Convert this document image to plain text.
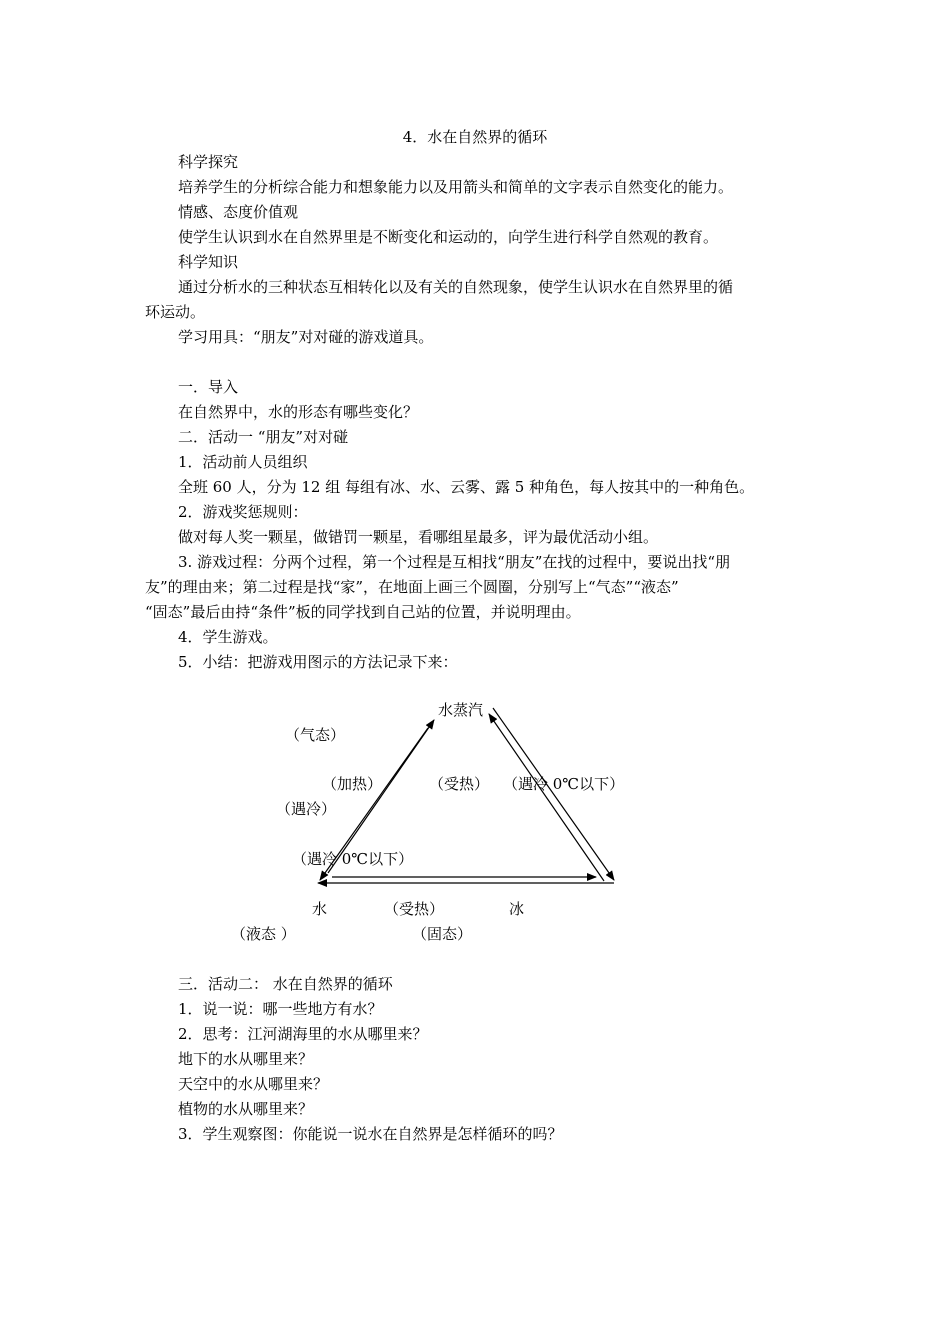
4．水在自然界的循环
科学探究
培养学生的分析综合能力和想象能力以及用箭头和简单的文字表示自然变化的能力。
情感、态度价值观
使学生认识到水在自然界里是不断变化和运动的，向学生进行科学自然观的教育。
科学知识
通过分析水的三种状态互相转化以及有关的自然现象，使学生认识水在自然界里的循
环运动。
学习用具：“朋友”对对碰的游戏道具。
一．导入
在自然界中，水的形态有哪些变化？
二．活动一 “朋友”对对碰
1．活动前人员组织
全班 60 人，分为 12 组 每组有冰、水、云雾、露 5 种角色，每人按其中的一种角色。
2．游戏奖惩规则：
做对每人奖一颗星，做错罚一颗星，看哪组星最多，评为最优活动小组。
3. 游戏过程：分两个过程，第一个过程是互相找“朋友”在找的过程中，要说出找“朋
友”的理由来；第二过程是找“家”，在地面上画三个圆圈，分别写上“气态”“液态”
“固态”最后由持“条件”板的同学找到自己站的位置，并说明理由。
4．学生游戏。
5．小结：把游戏用图示的方法记录下来：
水蒸汽
（气态）
（加热）	（受热） （遇冷 0℃以下）
（遇冷）
（遇冷 0℃以下）
水	（受热）	冰
（液态 ）	（固态）
三．活动二： 水在自然界的循环
1．说一说：哪一些地方有水？
2．思考：江河湖海里的水从哪里来？
地下的水从哪里来？
天空中的水从哪里来？
植物的水从哪里来？
3．学生观察图：你能说一说水在自然界是怎样循环的吗？
